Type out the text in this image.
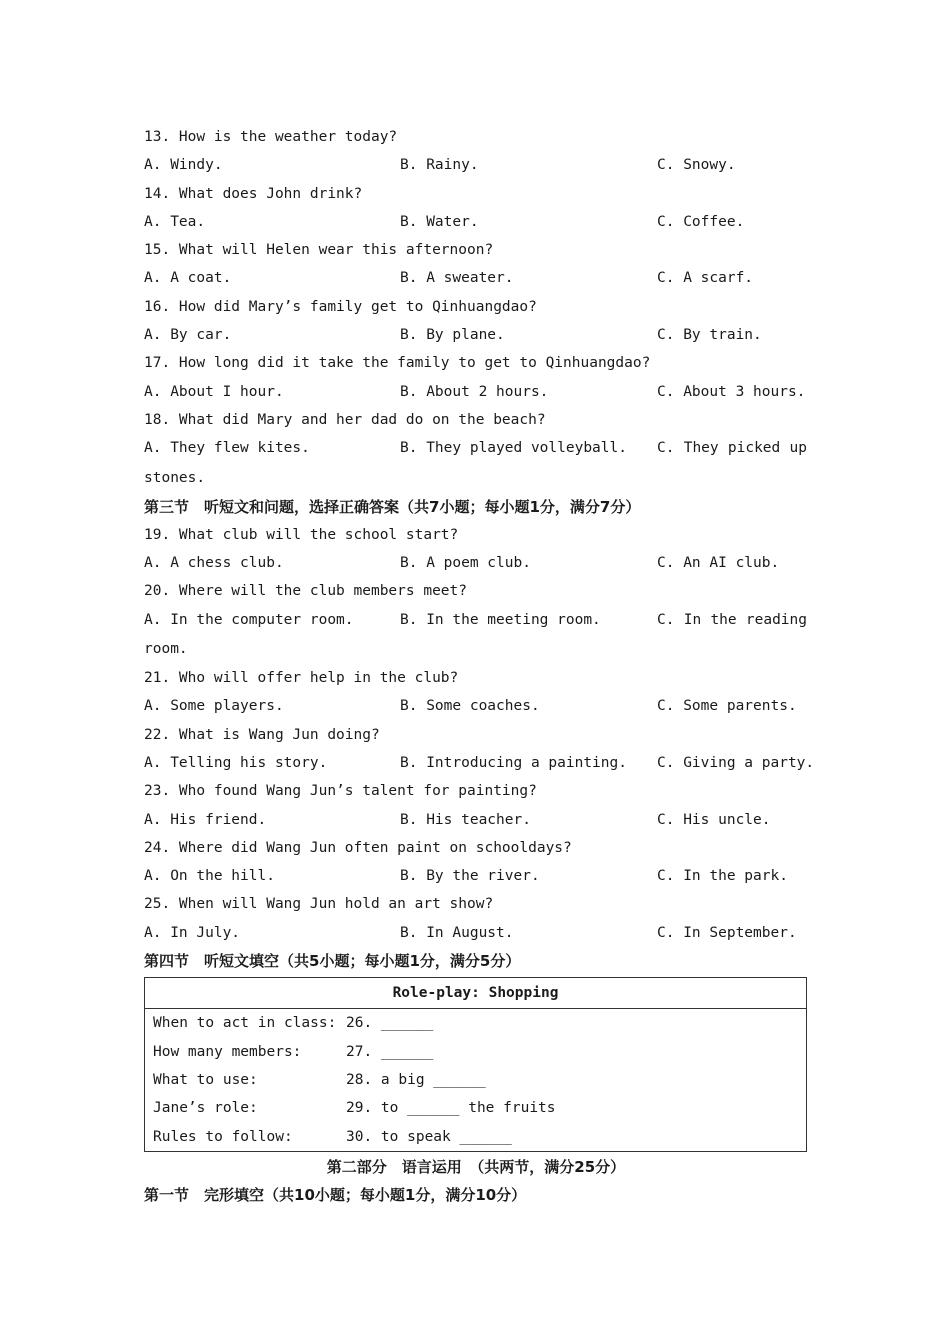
13. How is the weather today?
A. Windy.	B. Rainy.	C. Snowy.
14. What does John drink?
A. Tea.	B. Water.	C. Coffee.
15. What will Helen wear this afternoon?
A. A coat.	B. A sweater.	C. A scarf.
16. How did Mary’s family get to Qinhuangdao?
A. By car.	B. By plane.	C. By train.
17. How long did it take the family to get to Qinhuangdao?
A. About I hour.	B. About 2 hours.	C. About 3 hours.
18. What did Mary and her dad do on the beach?
A. They flew kites.	B. They played volleyball. C. They picked up
stones.
第三节　听短文和问题，选择正确答案（共7小题；每小题1分，满分7分）
19. What club will the school start?
A. A chess club.	B. A poem club.	C. An AI club.
20. Where will the club members meet?
A. In the computer room.	B. In the meeting room.	C. In the reading
room.
21. Who will offer help in the club?
A. Some players.	B. Some coaches.	C. Some parents.
22. What is Wang Jun doing?
A. Telling his story.	B. Introducing a painting. C. Giving a party.
23. Who found Wang Jun’s talent for painting?
A. His friend.	B. His teacher.	C. His uncle.
24. Where did Wang Jun often paint on schooldays?
A. On the hill.	B. By the river.	C. In the park.
25. When will Wang Jun hold an art show?
A. In July.	B. In August.	C. In September.
第四节　听短文填空（共5小题；每小题1分，满分5分）
Role-play: Shopping

When to act in class: 26. ______
How many members:	27. ______
What to use:	28. a big ______
Jane’s role:	29. to ______ the fruits
Rules to follow:	30. to speak ______
第二部分　语言运用　（共两节，满分25分）
第一节　完形填空（共10小题；每小题1分，满分10分）
